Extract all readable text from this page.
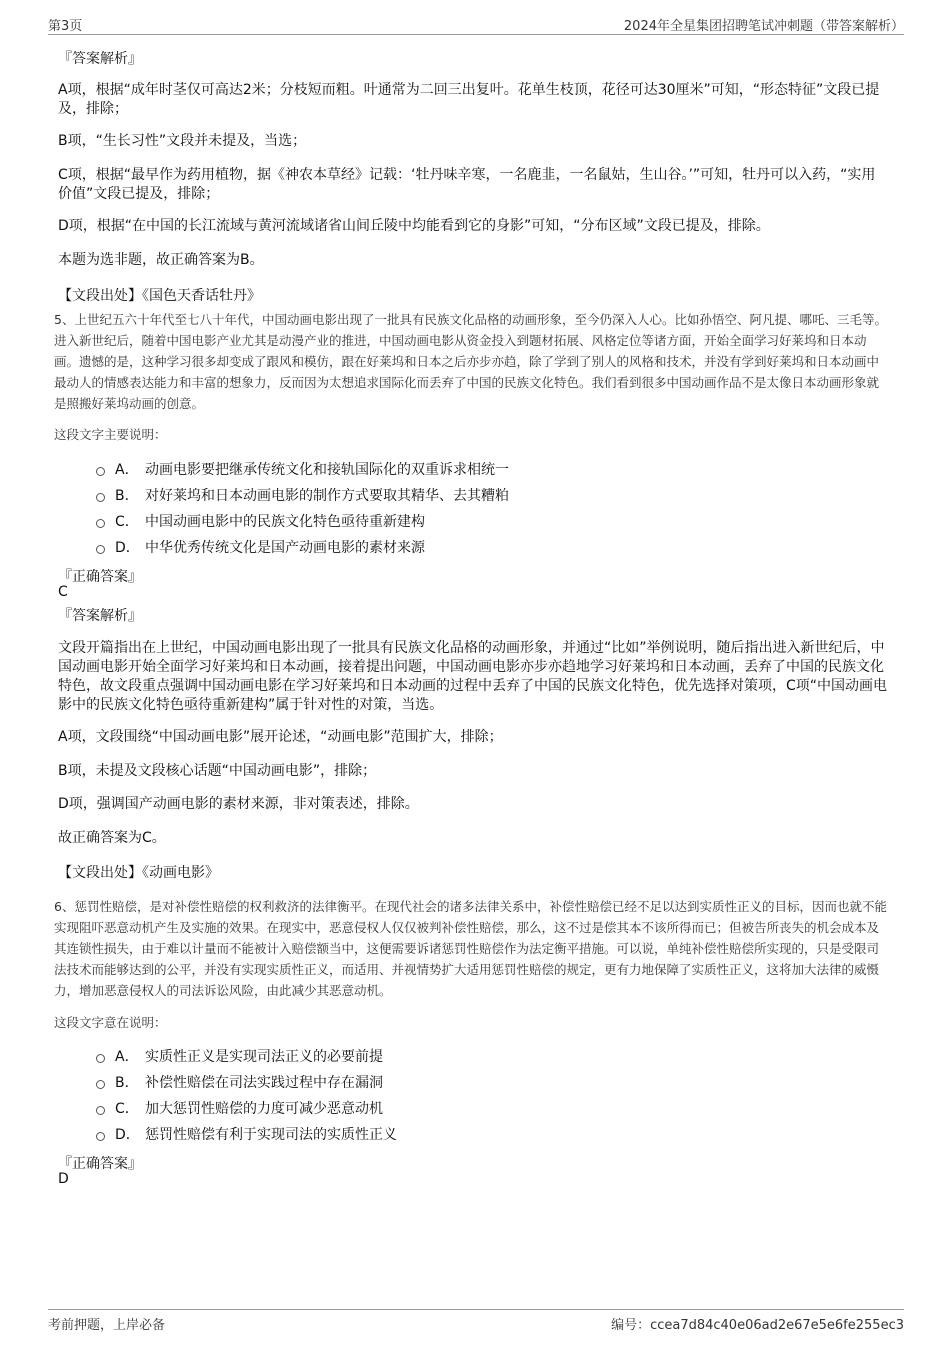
第3页	2024年全星集团招聘笔试冲刺题（带答案解析）
『答案解析』
A项，根据“成年时茎仅可高达2米；分枝短而粗。叶通常为二回三出复叶。花单生枝顶，花径可达30厘米”可知，“形态特征”文段已提及，排除；
B项，“生长习性”文段并未提及，当选；
C项，根据“最早作为药用植物，据《神农本草经》记载：‘牡丹味辛寒，一名鹿韭，一名鼠姑，生山谷。’”可知，牡丹可以入药，“实用价值”文段已提及，排除；
D项，根据“在中国的长江流域与黄河流域诸省山间丘陵中均能看到它的身影”可知，“分布区域”文段已提及，排除。
本题为选非题，故正确答案为B。
【文段出处】《国色天香话牡丹》
5、上世纪五六十年代至七八十年代，中国动画电影出现了一批具有民族文化品格的动画形象，至今仍深入人心。比如孙悟空、阿凡提、哪吒、三毛等。进入新世纪后，随着中国电影产业尤其是动漫产业的推进，中国动画电影从资金投入到题材拓展、风格定位等诸方面，开始全面学习好莱坞和日本动画。遗憾的是，这种学习很多却变成了跟风和模仿，跟在好莱坞和日本之后亦步亦趋，除了学到了别人的风格和技术，并没有学到好莱坞和日本动画中最动人的情感表达能力和丰富的想象力，反而因为太想追求国际化而丢弃了中国的民族文化特色。我们看到很多中国动画作品不是太像日本动画形象就是照搬好莱坞动画的创意。
这段文字主要说明：
A． 动画电影要把继承传统文化和接轨国际化的双重诉求相统一
B． 对好莱坞和日本动画电影的制作方式要取其精华、去其糟粕
C． 中国动画电影中的民族文化特色亟待重新建构
D． 中华优秀传统文化是国产动画电影的素材来源
『正确答案』
C
『答案解析』
文段开篇指出在上世纪，中国动画电影出现了一批具有民族文化品格的动画形象，并通过“比如”举例说明，随后指出进入新世纪后，中国动画电影开始全面学习好莱坞和日本动画，接着提出问题，中国动画电影亦步亦趋地学习好莱坞和日本动画，丢弃了中国的民族文化特色，故文段重点强调中国动画电影在学习好莱坞和日本动画的过程中丢弃了中国的民族文化特色，优先选择对策项，C项“中国动画电影中的民族文化特色亟待重新建构”属于针对性的对策，当选。
A项，文段围绕“中国动画电影”展开论述，“动画电影”范围扩大，排除；
B项，未提及文段核心话题“中国动画电影”，排除；
D项，强调国产动画电影的素材来源，非对策表述，排除。
故正确答案为C。
【文段出处】《动画电影》
6、惩罚性赔偿，是对补偿性赔偿的权利救济的法律衡平。在现代社会的诸多法律关系中，补偿性赔偿已经不足以达到实质性正义的目标，因而也就不能实现阻吓恶意动机产生及实施的效果。在现实中，恶意侵权人仅仅被判补偿性赔偿，那么，这不过是偿其本不该所得而已；但被告所丧失的机会成本及其连锁性损失，由于难以计量而不能被计入赔偿额当中，这便需要诉诸惩罚性赔偿作为法定衡平措施。可以说，单纯补偿性赔偿所实现的，只是受限司法技术而能够达到的公平，并没有实现实质性正义，而适用、并视情势扩大适用惩罚性赔偿的规定，更有力地保障了实质性正义，这将加大法律的威慑力，增加恶意侵权人的司法诉讼风险，由此减少其恶意动机。
这段文字意在说明：
A． 实质性正义是实现司法正义的必要前提
B． 补偿性赔偿在司法实践过程中存在漏洞
C． 加大惩罚性赔偿的力度可减少恶意动机
D． 惩罚性赔偿有利于实现司法的实质性正义
『正确答案』
D
考前押题，上岸必备	编号：ccea7d84c40e06ad2e67e5e6fe255ec3
